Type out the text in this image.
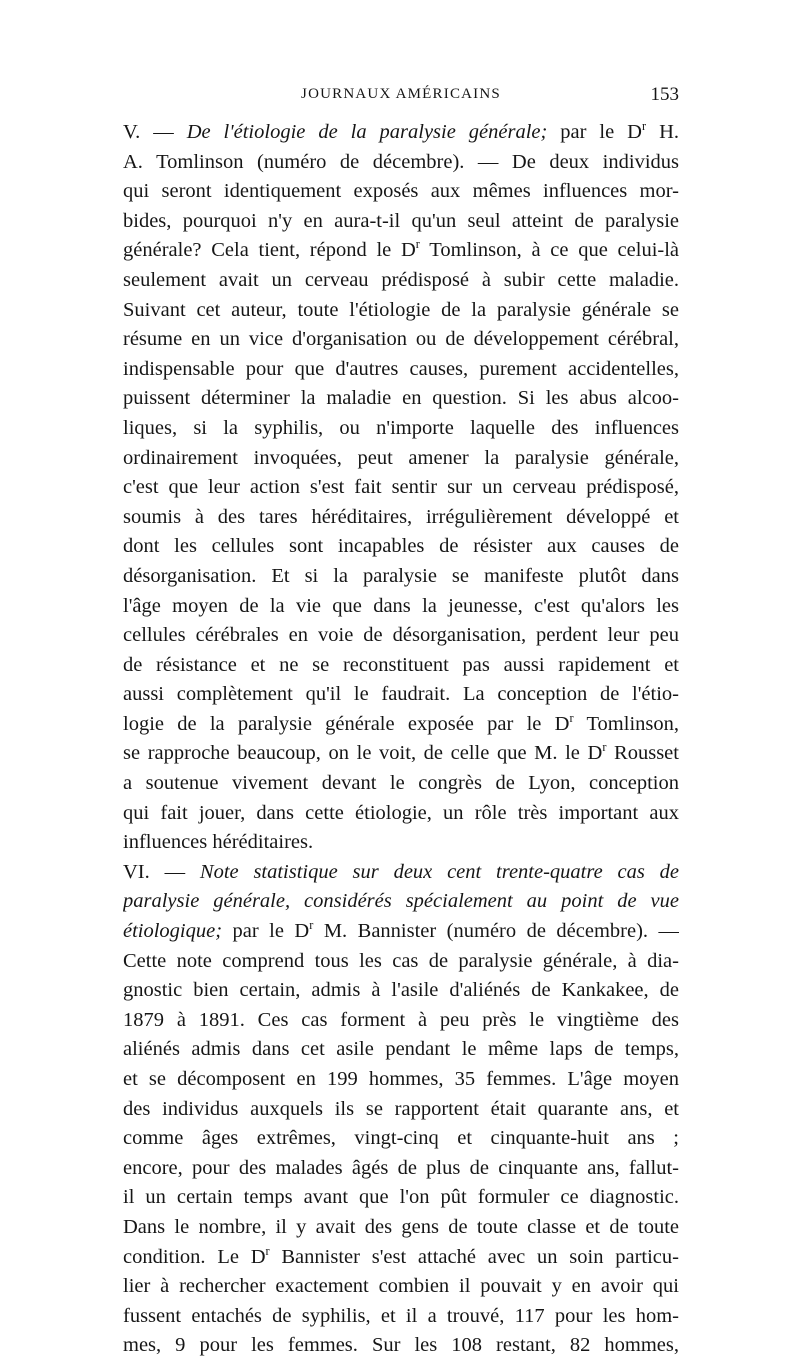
JOURNAUX AMÉRICAINS	153
V. — De l'étiologie de la paralysie générale; par le $D^r$ H.
A. Tomlinson (numéro de décembre). — De deux individus
qui seront identiquement exposés aux mêmes influences mor-
bides, pourquoi n'y en aura-t-il qu'un seul atteint de paralysie
générale? Cela tient, répond le $D^r$ Tomlinson, à ce que celui-là
seulement avait un cerveau prédisposé à subir cette maladie.
Suivant cet auteur, toute l'étiologie de la paralysie générale se
résume en un vice d'organisation ou de développement cérébral,
indispensable pour que d'autres causes, purement accidentelles,
puissent déterminer la maladie en question. Si les abus alcoo-
liques, si la syphilis, ou n'importe laquelle des influences
ordinairement invoquées, peut amener la paralysie générale,
c'est que leur action s'est fait sentir sur un cerveau prédisposé,
soumis à des tares héréditaires, irrégulièrement développé et
dont les cellules sont incapables de résister aux causes de
désorganisation. Et si la paralysie se manifeste plutôt dans
l'âge moyen de la vie que dans la jeunesse, c'est qu'alors les
cellules cérébrales en voie de désorganisation, perdent leur peu
de résistance et ne se reconstituent pas aussi rapidement et
aussi complètement qu'il le faudrait. La conception de l'étio-
logie de la paralysie générale exposée par le $D^r$ Tomlinson,
se rapproche beaucoup, on le voit, de celle que M. le $D^r$ Rousset
a soutenue vivement devant le congrès de Lyon, conception
qui fait jouer, dans cette étiologie, un rôle très important aux
influences héréditaires.
VI. — Note statistique sur deux cent trente-quatre cas de
paralysie générale, considérés spécialement au point de vue
étiologique; par le $D^r$ M. Bannister (numéro de décembre). —
Cette note comprend tous les cas de paralysie générale, à dia-
gnostic bien certain, admis à l'asile d'aliénés de Kankakee, de
1879 à 1891. Ces cas forment à peu près le vingtième des
aliénés admis dans cet asile pendant le même laps de temps,
et se décomposent en 199 hommes, 35 femmes. L'âge moyen
des individus auxquels ils se rapportent était quarante ans, et
comme âges extrêmes, vingt-cinq et cinquante-huit ans ;
encore, pour des malades âgés de plus de cinquante ans, fallut-
il un certain temps avant que l'on pût formuler ce diagnostic.
Dans le nombre, il y avait des gens de toute classe et de toute
condition. Le $D^r$ Bannister s'est attaché avec un soin particu-
lier à rechercher exactement combien il pouvait y en avoir qui
fussent entachés de syphilis, et il a trouvé, 117 pour les hom-
mes, 9 pour les femmes. Sur les 108 restant, 82 hommes,
